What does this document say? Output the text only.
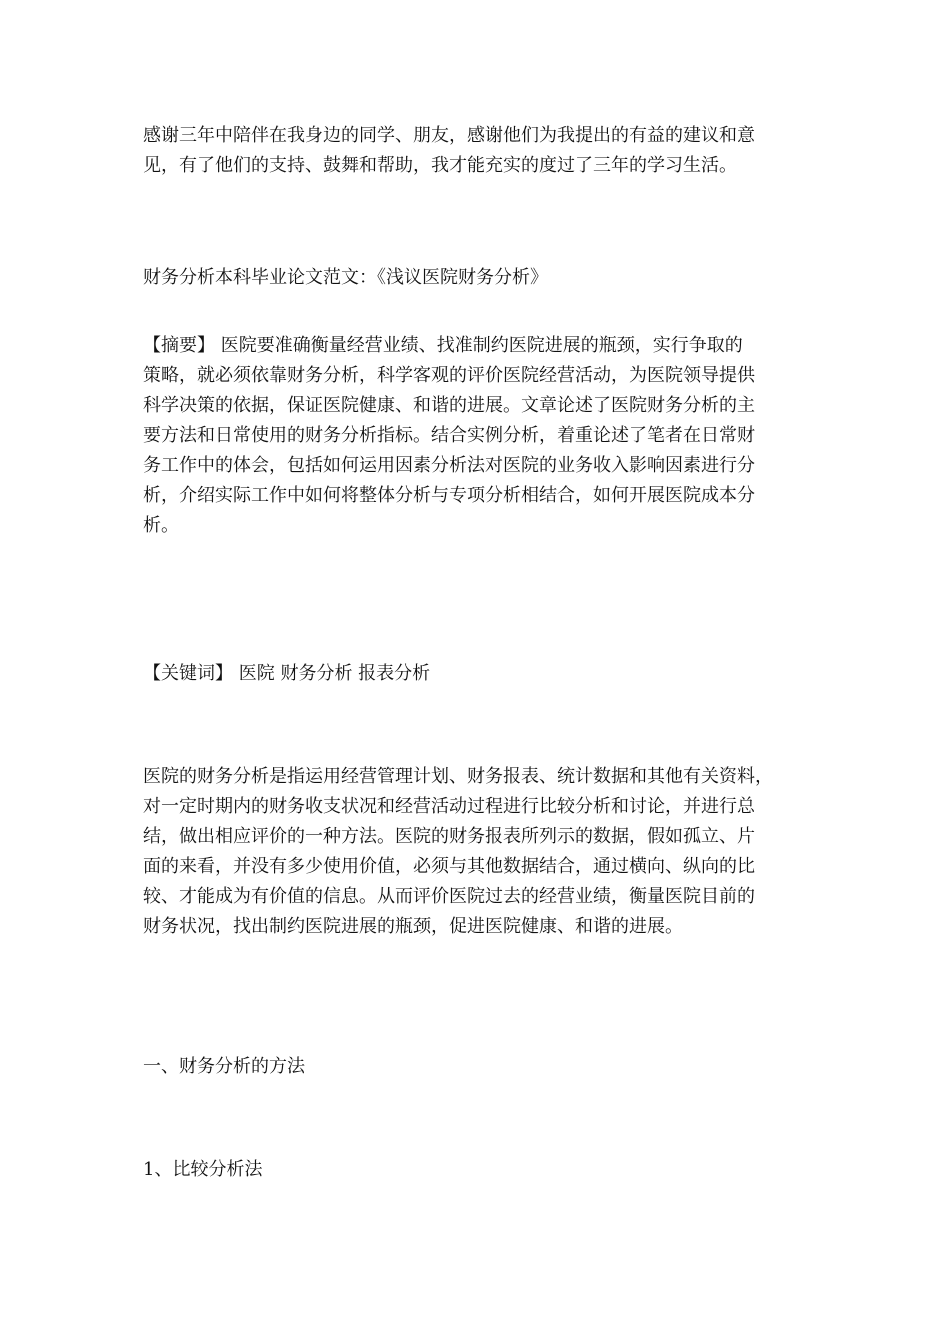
感谢三年中陪伴在我身边的同学、朋友，感谢他们为我提出的有益的建议和意
见，有了他们的支持、鼓舞和帮助，我才能充实的度过了三年的学习生活。
财务分析本科毕业论文范文：《浅议医院财务分析》
【摘要】 医院要准确衡量经营业绩、找准制约医院进展的瓶颈，实行争取的
策略，就必须依靠财务分析，科学客观的评价医院经营活动，为医院领导提供
科学决策的依据，保证医院健康、和谐的进展。文章论述了医院财务分析的主
要方法和日常使用的财务分析指标。结合实例分析，着重论述了笔者在日常财
务工作中的体会，包括如何运用因素分析法对医院的业务收入影响因素进行分
析，介绍实际工作中如何将整体分析与专项分析相结合，如何开展医院成本分
析。
【关键词】 医院 财务分析 报表分析
医院的财务分析是指运用经营管理计划、财务报表、统计数据和其他有关资料，
对一定时期内的财务收支状况和经营活动过程进行比较分析和讨论，并进行总
结，做出相应评价的一种方法。医院的财务报表所列示的数据，假如孤立、片
面的来看，并没有多少使用价值，必须与其他数据结合，通过横向、纵向的比
较、才能成为有价值的信息。从而评价医院过去的经营业绩，衡量医院目前的
财务状况，找出制约医院进展的瓶颈，促进医院健康、和谐的进展。
一、财务分析的方法
1、比较分析法
